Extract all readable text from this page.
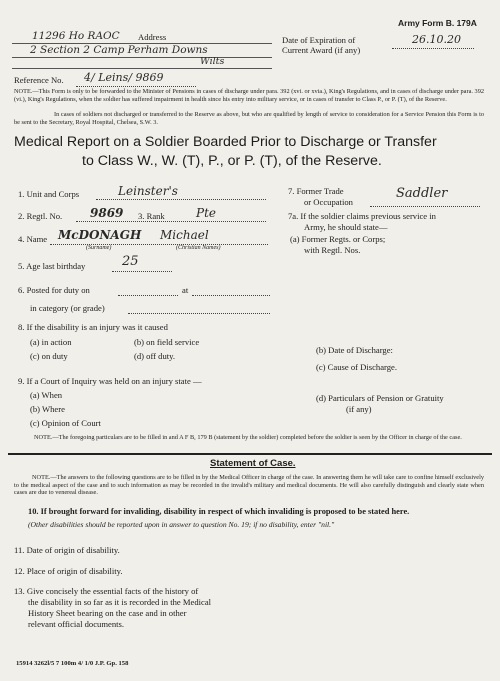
Army Form B. 179A
11296 Ho RAOC Address
2 Section 2 Camp Perham Downs
Wilts
Date of Expiration of
Current Award (if any)
26.10.20
Reference No. 4/ Leins/ 9869
NOTE.—This Form is only to be forwarded to the Minister of Pensions in cases of discharge under para. 392 (xvi. or xvia.), King's Regulations, and in cases of discharge under para. 392 (vi.), King's Regulations, when the soldier has suffered impairment in health since his entry into military service, or in cases of transfer to Class P., or P. (T), of the Reserve.
In cases of soldiers not discharged or transferred to the Reserve as above, but who are qualified by length of service to consideration for a Service Pension this Form is to be sent to the Secretary, Royal Hospital, Chelsea, S.W. 3.
Medical Report on a Soldier Boarded Prior to Discharge or Transfer
to Class W., W. (T), P., or P. (T), of the Reserve.
1. Unit and Corps	Leinster's
2. Regtl. No. 9869 3. Rank	Pte
4. Name McDONAGH Michael
(Surname)	(Christian Names)
5. Age last birthday	25
6. Posted for duty on	at
in category (or grade)
7. Former Trade
or Occupation
Saddler
7a. If the soldier claims previous service in
Army, he should state—
(a) Former Regts. or Corps;
with Regtl. Nos.
8. If the disability is an injury was it caused
(a) in action	(b) on field service
(c) on duty	(d) off duty.
9. If a Court of Inquiry was held on an injury state —
(a) When
(b) Where
(c) Opinion of Court
(b) Date of Discharge:
(c) Cause of Discharge.
(d) Particulars of Pension or Gratuity
(if any)
NOTE.—The foregoing particulars are to be filled in and A F B, 179 B (statement by the soldier) completed before the soldier is seen by the Officer in charge of the case.
Statement of Case.
NOTE.—The answers to the following questions are to be filled in by the Medical Officer in charge of the case. In answering them he will take care to confine himself exclusively to the medical aspect of the case and to such information as may be recorded in the invalid's military and medical documents. He will also carefully distinguish and clearly state when cases are due to venereal disease.
10. If brought forward for invaliding, disability in respect of which invaliding is proposed to be stated here.
(Other disabilities should be reported upon in answer to question No. 19; if no disability, enter "nil."
11. Date of origin of disability.
12. Place of origin of disability.
13. Give concisely the essential facts of the history of
the disability in so far as it is recorded in the Medical
History Sheet bearing on the case and in other
relevant official documents.
15914 3262l/5 7 100m 4/ 1/0 J.P. Gp. 158
